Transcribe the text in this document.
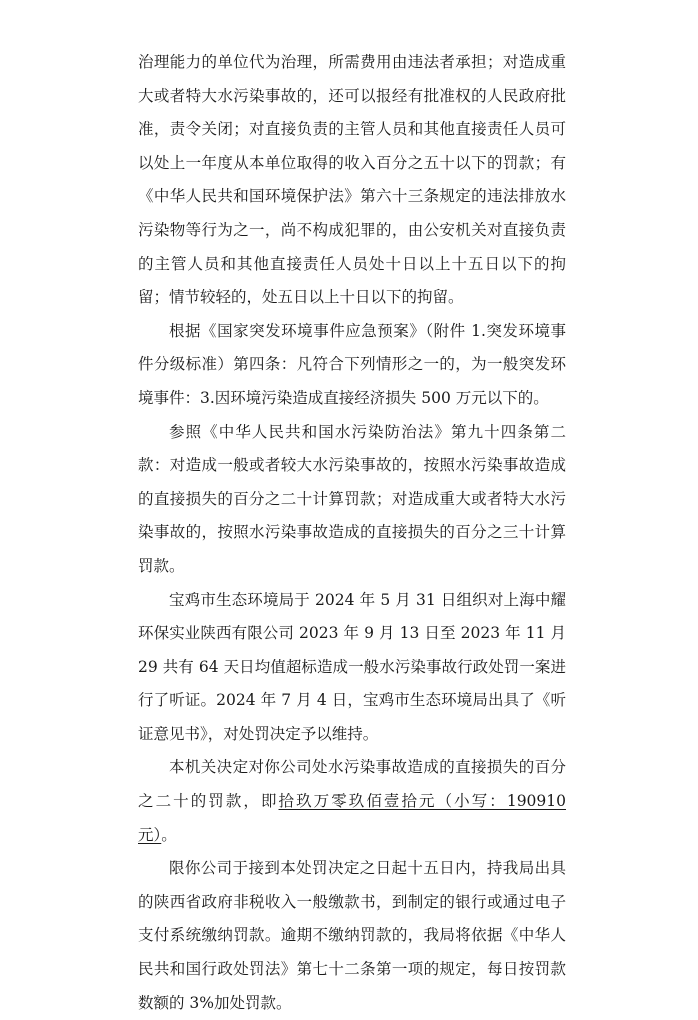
治理能力的单位代为治理，所需费用由违法者承担；对造成重大或者特大水污染事故的，还可以报经有批准权的人民政府批准，责令关闭；对直接负责的主管人员和其他直接责任人员可以处上一年度从本单位取得的收入百分之五十以下的罚款；有《中华人民共和国环境保护法》第六十三条规定的违法排放水污染物等行为之一，尚不构成犯罪的，由公安机关对直接负责的主管人员和其他直接责任人员处十日以上十五日以下的拘留；情节较轻的，处五日以上十日以下的拘留。

根据《国家突发环境事件应急预案》（附件 1.突发环境事件分级标准）第四条：凡符合下列情形之一的，为一般突发环境事件：3.因环境污染造成直接经济损失 500 万元以下的。

参照《中华人民共和国水污染防治法》第九十四条第二款：对造成一般或者较大水污染事故的，按照水污染事故造成的直接损失的百分之二十计算罚款；对造成重大或者特大水污染事故的，按照水污染事故造成的直接损失的百分之三十计算罚款。

宝鸡市生态环境局于 2024 年 5 月 31 日组织对上海中耀环保实业陕西有限公司 2023 年 9 月 13 日至 2023 年 11 月 29 共有 64 天日均值超标造成一般水污染事故行政处罚一案进行了听证。2024 年 7 月 4 日，宝鸡市生态环境局出具了《听证意见书》，对处罚决定予以维持。

本机关决定对你公司处水污染事故造成的直接损失的百分之二十的罚款，即拾玖万零玖佰壹拾元（小写：190910 元）。

限你公司于接到本处罚决定之日起十五日内，持我局出具的陕西省政府非税收入一般缴款书，到制定的银行或通过电子支付系统缴纳罚款。逾期不缴纳罚款的，我局将依据《中华人民共和国行政处罚法》第七十二条第一项的规定，每日按罚款数额的 3%加处罚款。
